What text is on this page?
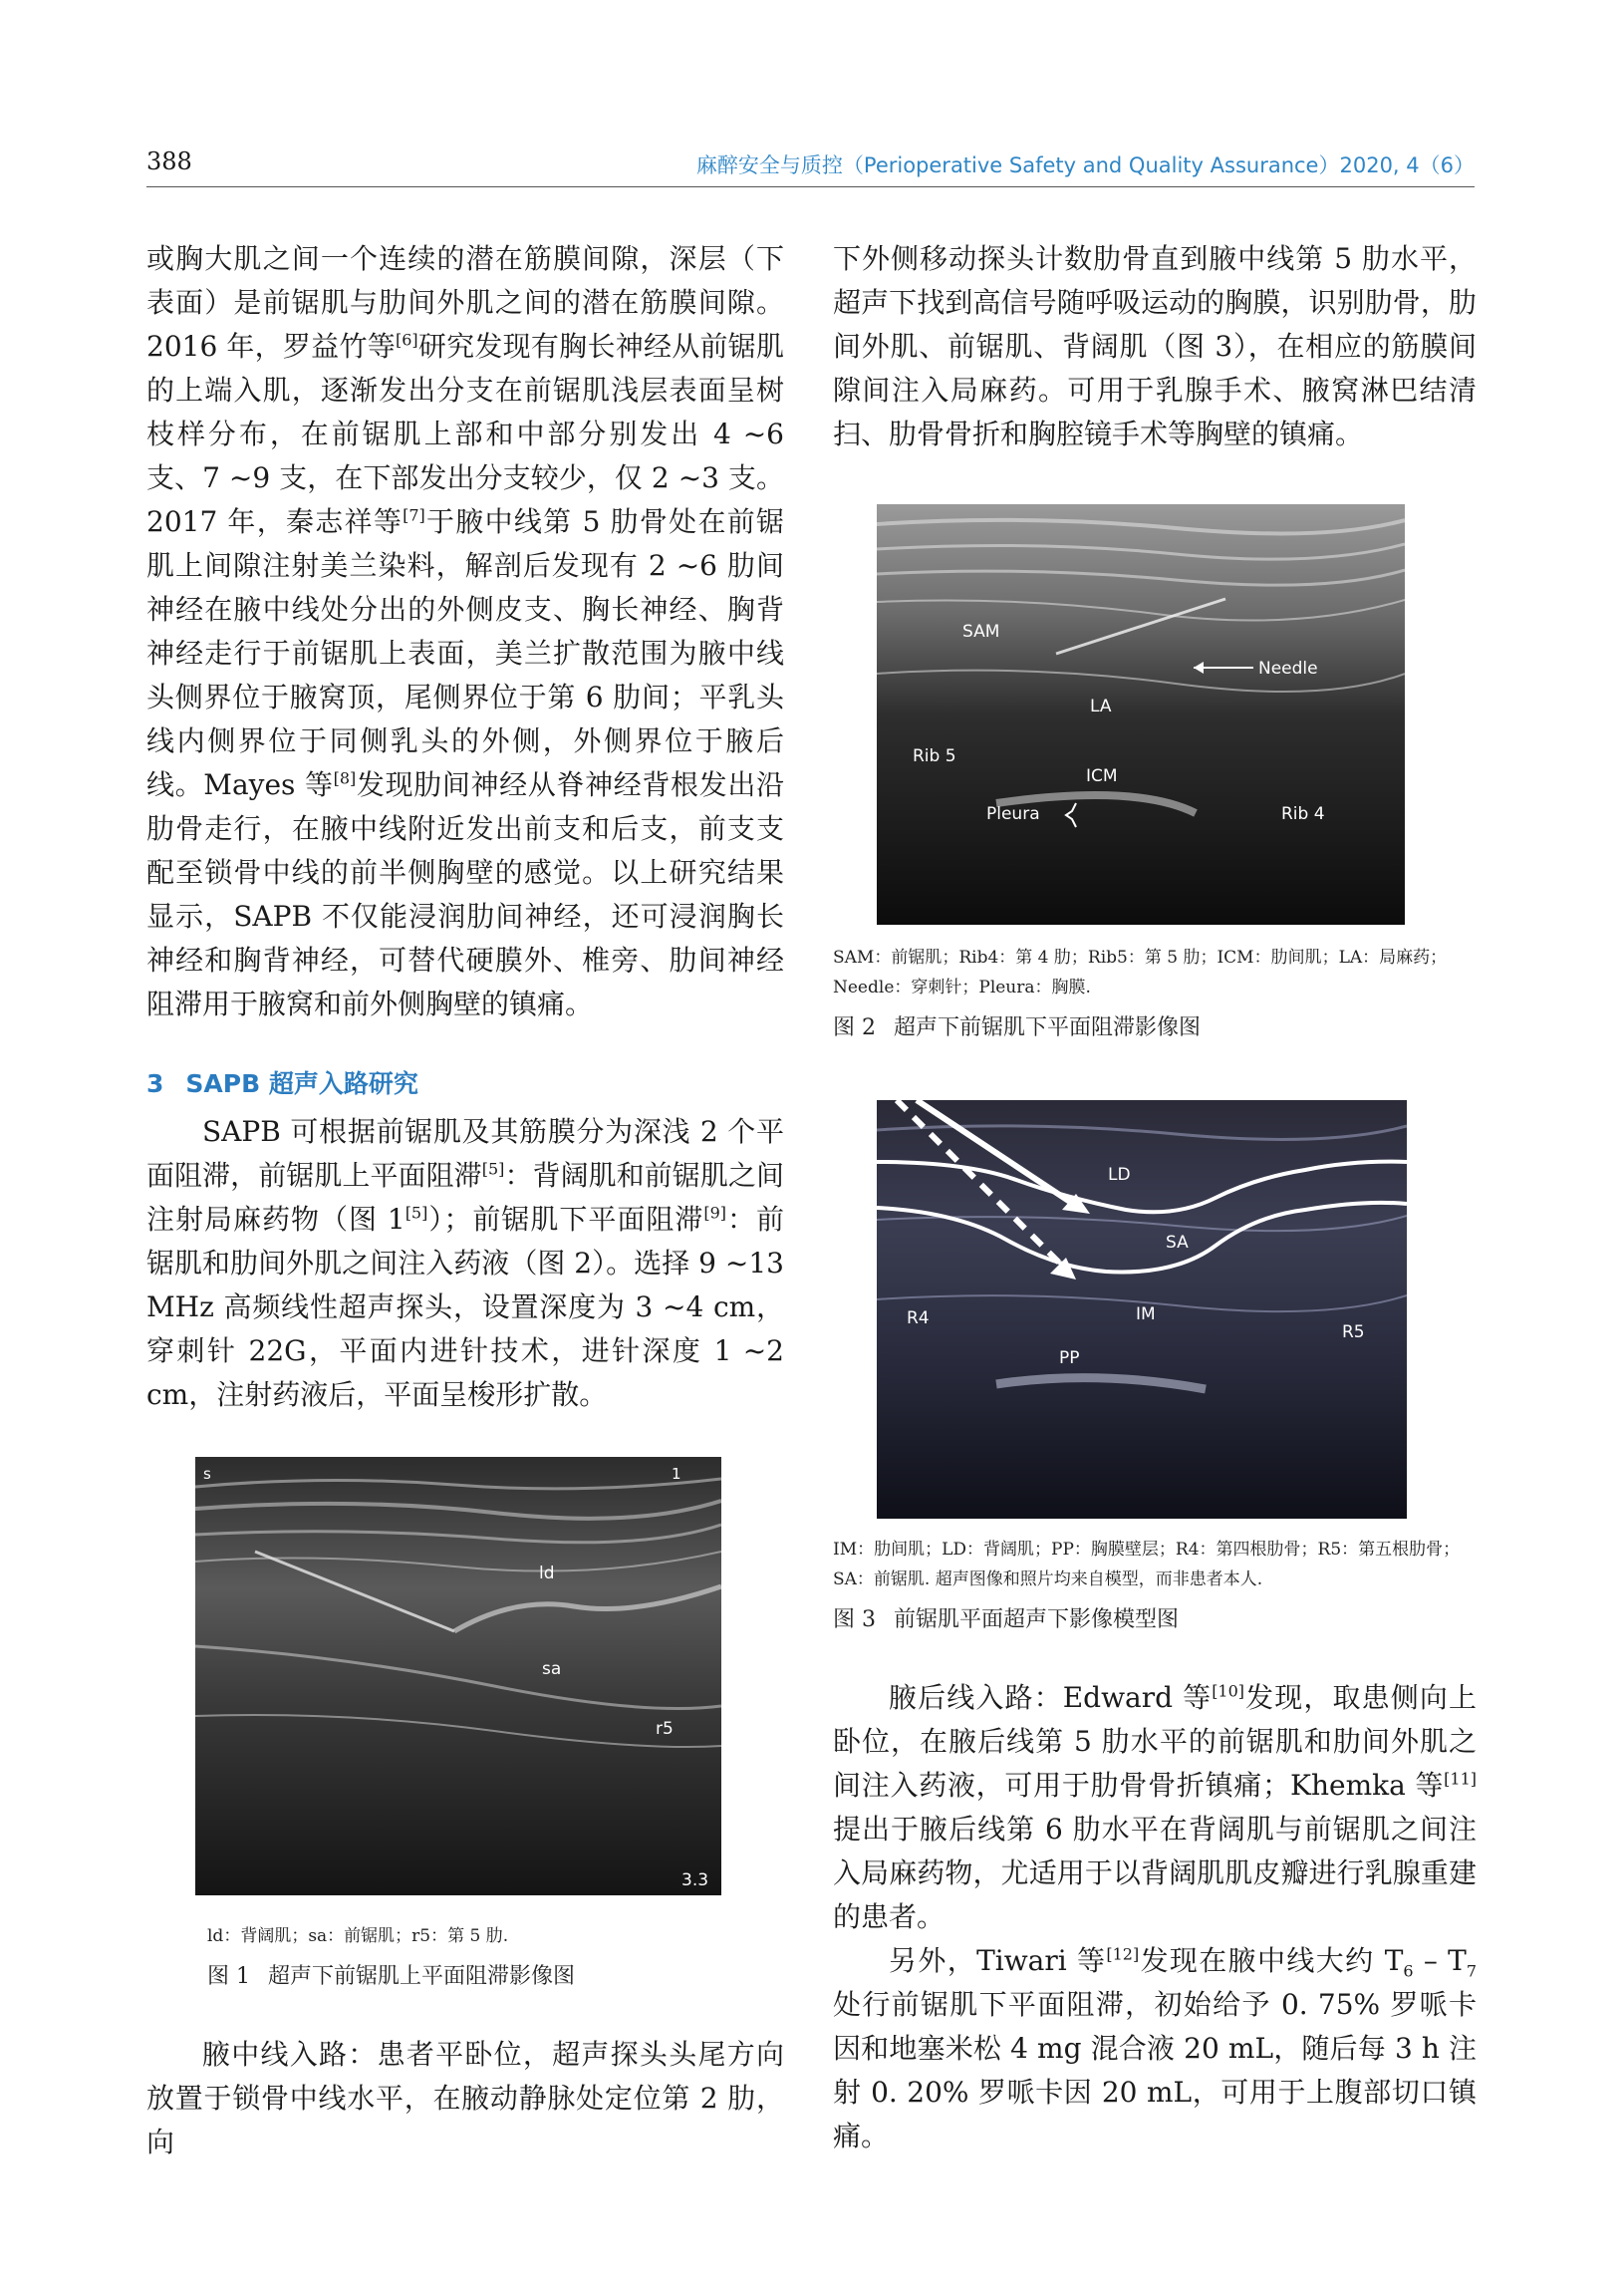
388	麻醉安全与质控（Perioperative Safety and Quality Assurance）2020, 4（6）

或胸大肌之间一个连续的潜在筋膜间隙，深层（下表面）是前锯肌与肋间外肌之间的潜在筋膜间隙。2016 年，罗益竹等[6]研究发现有胸长神经从前锯肌的上端入肌，逐渐发出分支在前锯肌浅层表面呈树枝样分布，在前锯肌上部和中部分别发出 4 ~6 支、7 ~9 支，在下部发出分支较少，仅 2 ~3 支。2017 年，秦志祥等[7]于腋中线第 5 肋骨处在前锯肌上间隙注射美兰染料，解剖后发现有 2 ~6 肋间神经在腋中线处分出的外侧皮支、胸长神经、胸背神经走行于前锯肌上表面，美兰扩散范围为腋中线头侧界位于腋窝顶，尾侧界位于第 6 肋间；平乳头线内侧界位于同侧乳头的外侧，外侧界位于腋后线。Mayes 等[8]发现肋间神经从脊神经背根发出沿肋骨走行，在腋中线附近发出前支和后支，前支支配至锁骨中线的前半侧胸壁的感觉。以上研究结果显示，SAPB 不仅能浸润肋间神经，还可浸润胸长神经和胸背神经，可替代硬膜外、椎旁、肋间神经阻滞用于腋窝和前外侧胸壁的镇痛。

3 SAPB 超声入路研究

SAPB 可根据前锯肌及其筋膜分为深浅 2 个平面阻滞，前锯肌上平面阻滞[5]：背阔肌和前锯肌之间注射局麻药物（图 1[5]）；前锯肌下平面阻滞[9]：前锯肌和肋间外肌之间注入药液（图 2）。选择 9 ~13 MHz 高频线性超声探头，设置深度为 3 ~4 cm，穿刺针 22G，平面内进针技术，进针深度 1 ~2 cm，注射药液后，平面呈梭形扩散。

s	1
ld
sa
r5
3.3
ld：背阔肌；sa：前锯肌；r5：第 5 肋.
图 1 超声下前锯肌上平面阻滞影像图

腋中线入路：患者平卧位，超声探头头尾方向放置于锁骨中线水平，在腋动静脉处定位第 2 肋，向

下外侧移动探头计数肋骨直到腋中线第 5 肋水平，超声下找到高信号随呼吸运动的胸膜，识别肋骨，肋间外肌、前锯肌、背阔肌（图 3），在相应的筋膜间隙间注入局麻药。可用于乳腺手术、腋窝淋巴结清扫、肋骨骨折和胸腔镜手术等胸壁的镇痛。

SAM
Needle
LA
Rib 5
ICM
Pleura	Rib 4
SAM：前锯肌；Rib4：第 4 肋；Rib5：第 5 肋；ICM：肋间肌；LA：局麻药；Needle：穿刺针；Pleura：胸膜.
图 2 超声下前锯肌下平面阻滞影像图
LD
SA
R4	IM
R5
PP
IM：肋间肌；LD：背阔肌；PP：胸膜壁层；R4：第四根肋骨；R5：第五根肋骨；SA：前锯肌. 超声图像和照片均来自模型，而非患者本人.
图 3 前锯肌平面超声下影像模型图

腋后线入路：Edward 等[10]发现，取患侧向上卧位，在腋后线第 5 肋水平的前锯肌和肋间外肌之间注入药液，可用于肋骨骨折镇痛；Khemka 等[11]提出于腋后线第 6 肋水平在背阔肌与前锯肌之间注入局麻药物，尤适用于以背阔肌肌皮瓣进行乳腺重建的患者。

另外，Tiwari 等[12]发现在腋中线大约 $T_6 - T_7$ 处行前锯肌下平面阻滞，初始给予 0. 75% 罗哌卡因和地塞米松 4 mg 混合液 20 mL，随后每 3 h 注射 0. 20% 罗哌卡因 20 mL，可用于上腹部切口镇痛。
